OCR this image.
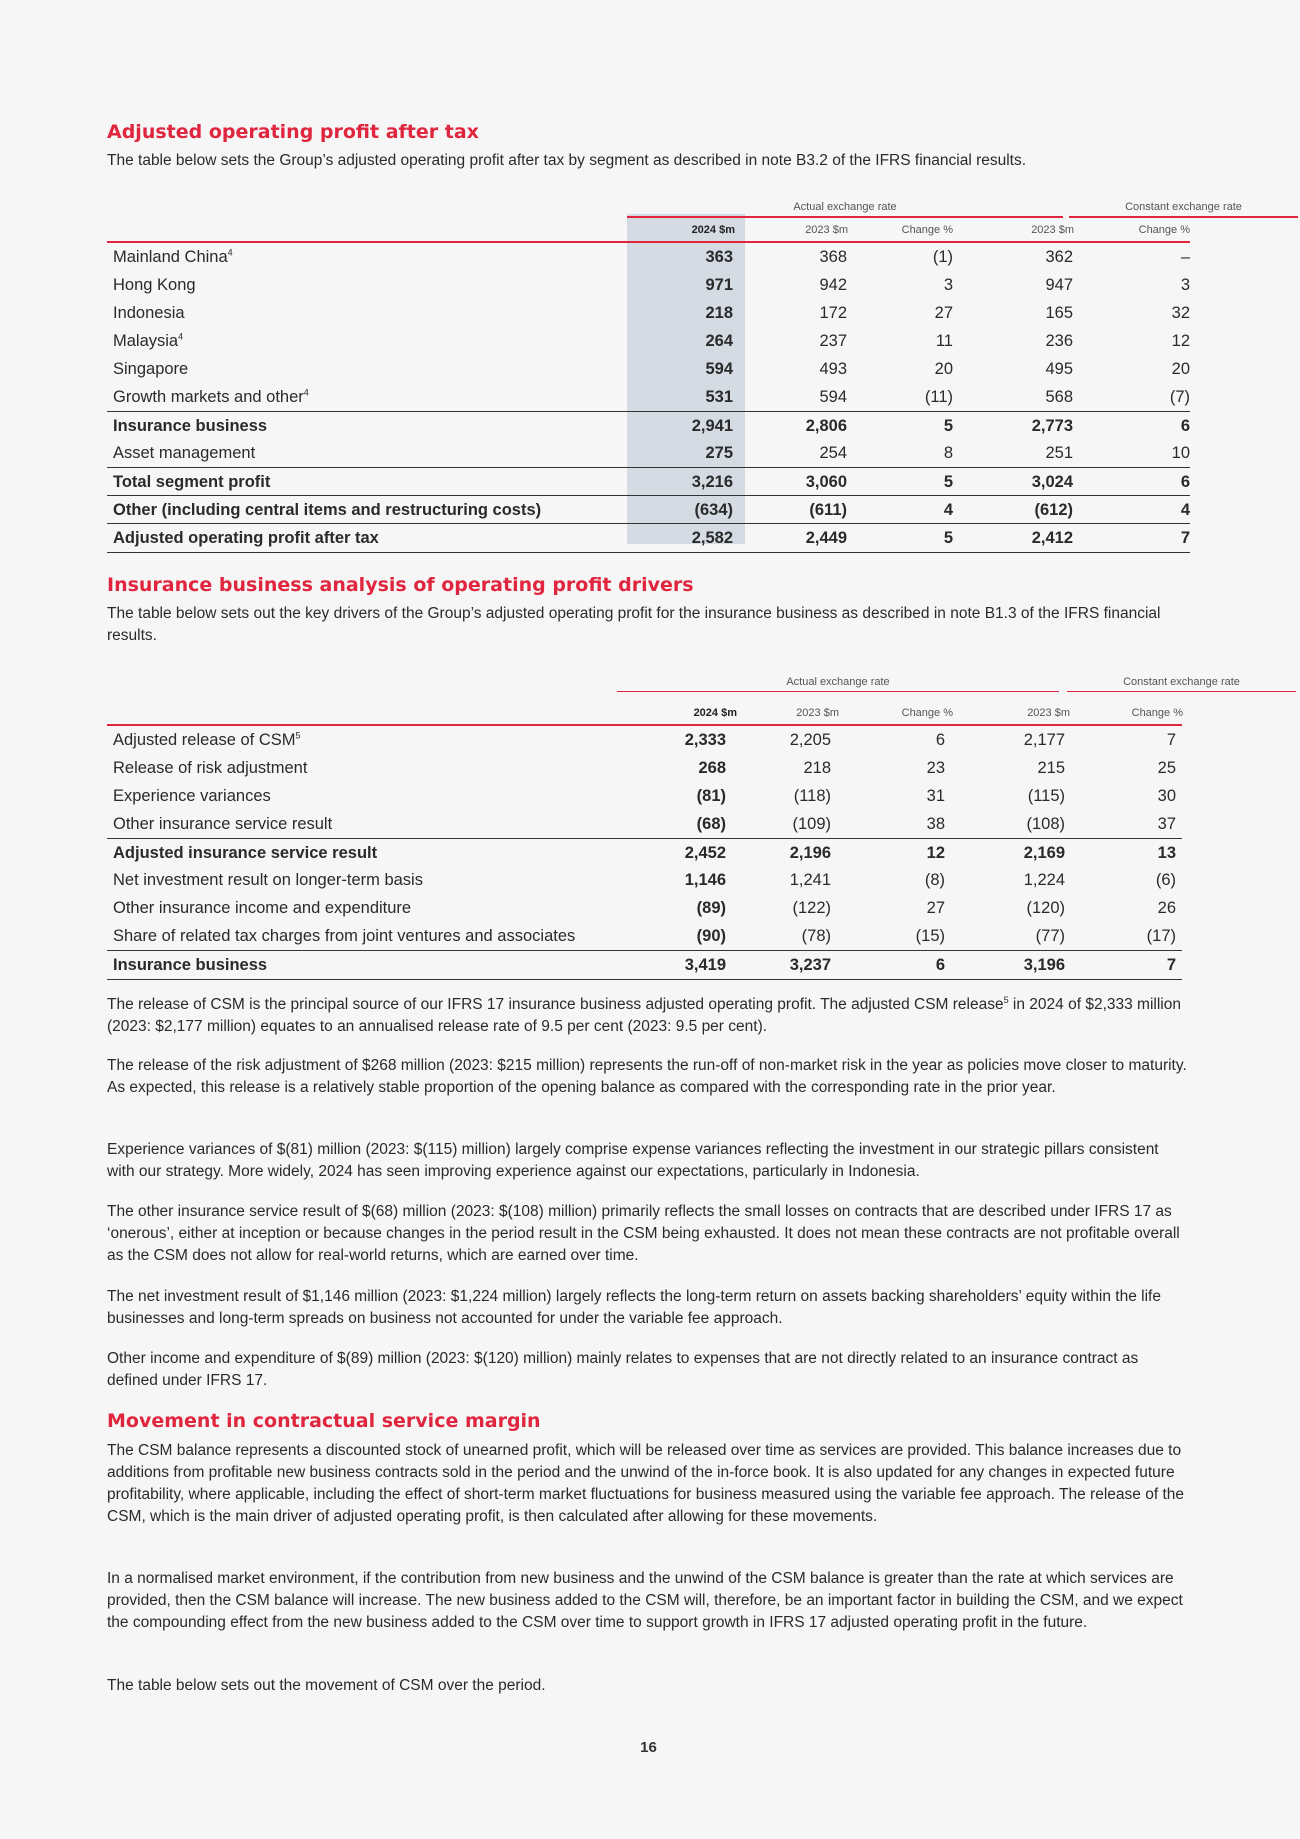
Adjusted operating profit after tax

The table below sets the Group’s adjusted operating profit after tax by segment as described in note B3.2 of the IFRS financial results.

Actual exchange rate	Constant exchange rate
2024 $m	2023 $m	Change %	2023 $m	Change %
Mainland China$^4$	363	368	(1)	362	–
Hong Kong	971	942	3	947	3
Indonesia	218	172	27	165	32
Malaysia$^4$	264	237	11	236	12
Singapore	594	493	20	495	20
Growth markets and other$^4$	531	594	(11)	568	(7)
Insurance business	2,941	2,806	5	2,773	6
Asset management	275	254	8	251	10
Total segment profit	3,216	3,060	5	3,024	6
Other (including central items and restructuring costs)	(634)	(611)	4	(612)	4
Adjusted operating profit after tax	2,582	2,449	5	2,412	7
Insurance business analysis of operating profit drivers

The table below sets out the key drivers of the Group’s adjusted operating profit for the insurance business as described in note B1.3 of the IFRS financial results.

Actual exchange rate	Constant exchange rate
2024 $m	2023 $m	Change %	2023 $m	Change %
Adjusted release of CSM$^5$	2,333	2,205	6	2,177	7
Release of risk adjustment	268	218	23	215	25
Experience variances	(81)	(118)	31	(115)	30
Other insurance service result	(68)	(109)	38	(108)	37
Adjusted insurance service result	2,452	2,196	12	2,169	13
Net investment result on longer-term basis	1,146	1,241	(8)	1,224	(6)
Other insurance income and expenditure	(89)	(122)	27	(120)	26
Share of related tax charges from joint ventures and associates	(90)	(78)	(15)	(77)	(17)
Insurance business	3,419	3,237	6	3,196	7

The release of CSM is the principal source of our IFRS 17 insurance business adjusted operating profit. The adjusted CSM release$^5$ in 2024 of $2,333 million (2023: $2,177 million) equates to an annualised release rate of 9.5 per cent (2023: 9.5 per cent).

The release of the risk adjustment of $268 million (2023: $215 million) represents the run-off of non-market risk in the year as policies move closer to maturity. As expected, this release is a relatively stable proportion of the opening balance as compared with the corresponding rate in the prior year.

Experience variances of $(81) million (2023: $(115) million) largely comprise expense variances reflecting the investment in our strategic pillars consistent with our strategy. More widely, 2024 has seen improving experience against our expectations, particularly in Indonesia.

The other insurance service result of $(68) million (2023: $(108) million) primarily reflects the small losses on contracts that are described under IFRS 17 as ‘onerous’, either at inception or because changes in the period result in the CSM being exhausted. It does not mean these contracts are not profitable overall as the CSM does not allow for real-world returns, which are earned over time.

The net investment result of $1,146 million (2023: $1,224 million) largely reflects the long-term return on assets backing shareholders’ equity within the life businesses and long-term spreads on business not accounted for under the variable fee approach.

Other income and expenditure of $(89) million (2023: $(120) million) mainly relates to expenses that are not directly related to an insurance contract as defined under IFRS 17.

Movement in contractual service margin

The CSM balance represents a discounted stock of unearned profit, which will be released over time as services are provided. This balance increases due to additions from profitable new business contracts sold in the period and the unwind of the in-force book. It is also updated for any changes in expected future profitability, where applicable, including the effect of short-term market fluctuations for business measured using the variable fee approach. The release of the CSM, which is the main driver of adjusted operating profit, is then calculated after allowing for these movements.

In a normalised market environment, if the contribution from new business and the unwind of the CSM balance is greater than the rate at which services are provided, then the CSM balance will increase. The new business added to the CSM will, therefore, be an important factor in building the CSM, and we expect the compounding effect from the new business added to the CSM over time to support growth in IFRS 17 adjusted operating profit in the future.

The table below sets out the movement of CSM over the period.

16
